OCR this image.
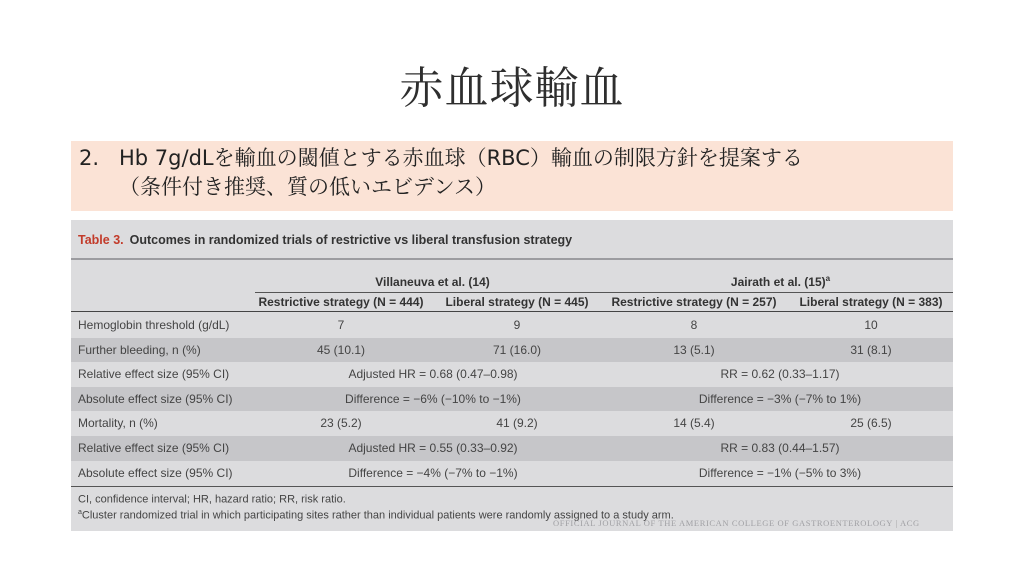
赤血球輸血
2. Hb 7g/dLを輸血の閾値とする赤血球（RBC）輸血の制限方針を提案する
（条件付き推奨、質の低いエビデンス）
Table 3. Outcomes in randomized trials of restrictive vs liberal transfusion strategy
Villaneuva et al. (14)	Jairath et al. $(15)^a$
Restrictive strategy (N = 444)	Liberal strategy (N = 445)	Restrictive strategy (N = 257)	Liberal strategy (N = 383)
Hemoglobin threshold (g/dL)	7	9	8	10
Further bleeding, n (%)	45 (10.1)	71 (16.0)	13 (5.1)	31 (8.1)
Relative effect size (95% CI)	Adjusted HR = 0.68 (0.47–0.98)	RR = 0.62 (0.33–1.17)
Absolute effect size (95% CI)	Difference = −6% (−10% to −1%)	Difference = −3% (−7% to 1%)
Mortality, n (%)	23 (5.2)	41 (9.2)	14 (5.4)	25 (6.5)
Relative effect size (95% CI)	Adjusted HR = 0.55 (0.33–0.92)	RR = 0.83 (0.44–1.57)
Absolute effect size (95% CI)	Difference = −4% (−7% to −1%)	Difference = −1% (−5% to 3%)
CI, confidence interval; HR, hazard ratio; RR, risk ratio.
$^a$Cluster randomized trial in which participating sites rather than individual patients were randomly assigned to a study arm.
OFFICIAL JOURNAL OF THE AMERICAN COLLEGE OF GASTROENTEROLOGY | ACG
